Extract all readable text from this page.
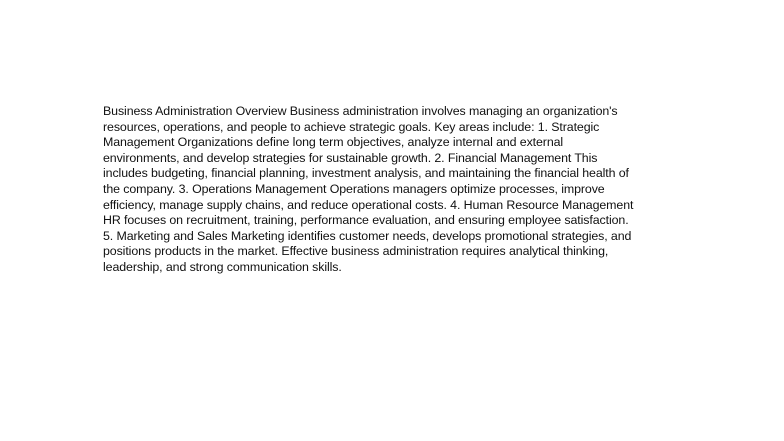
Business Administration Overview Business administration involves managing an organization's
resources, operations, and people to achieve strategic goals. Key areas include: 1. Strategic
Management Organizations define long term objectives, analyze internal and external
environments, and develop strategies for sustainable growth. 2. Financial Management This
includes budgeting, financial planning, investment analysis, and maintaining the financial health of
the company. 3. Operations Management Operations managers optimize processes, improve
efficiency, manage supply chains, and reduce operational costs. 4. Human Resource Management
HR focuses on recruitment, training, performance evaluation, and ensuring employee satisfaction.
5. Marketing and Sales Marketing identifies customer needs, develops promotional strategies, and
positions products in the market. Effective business administration requires analytical thinking,
leadership, and strong communication skills.
